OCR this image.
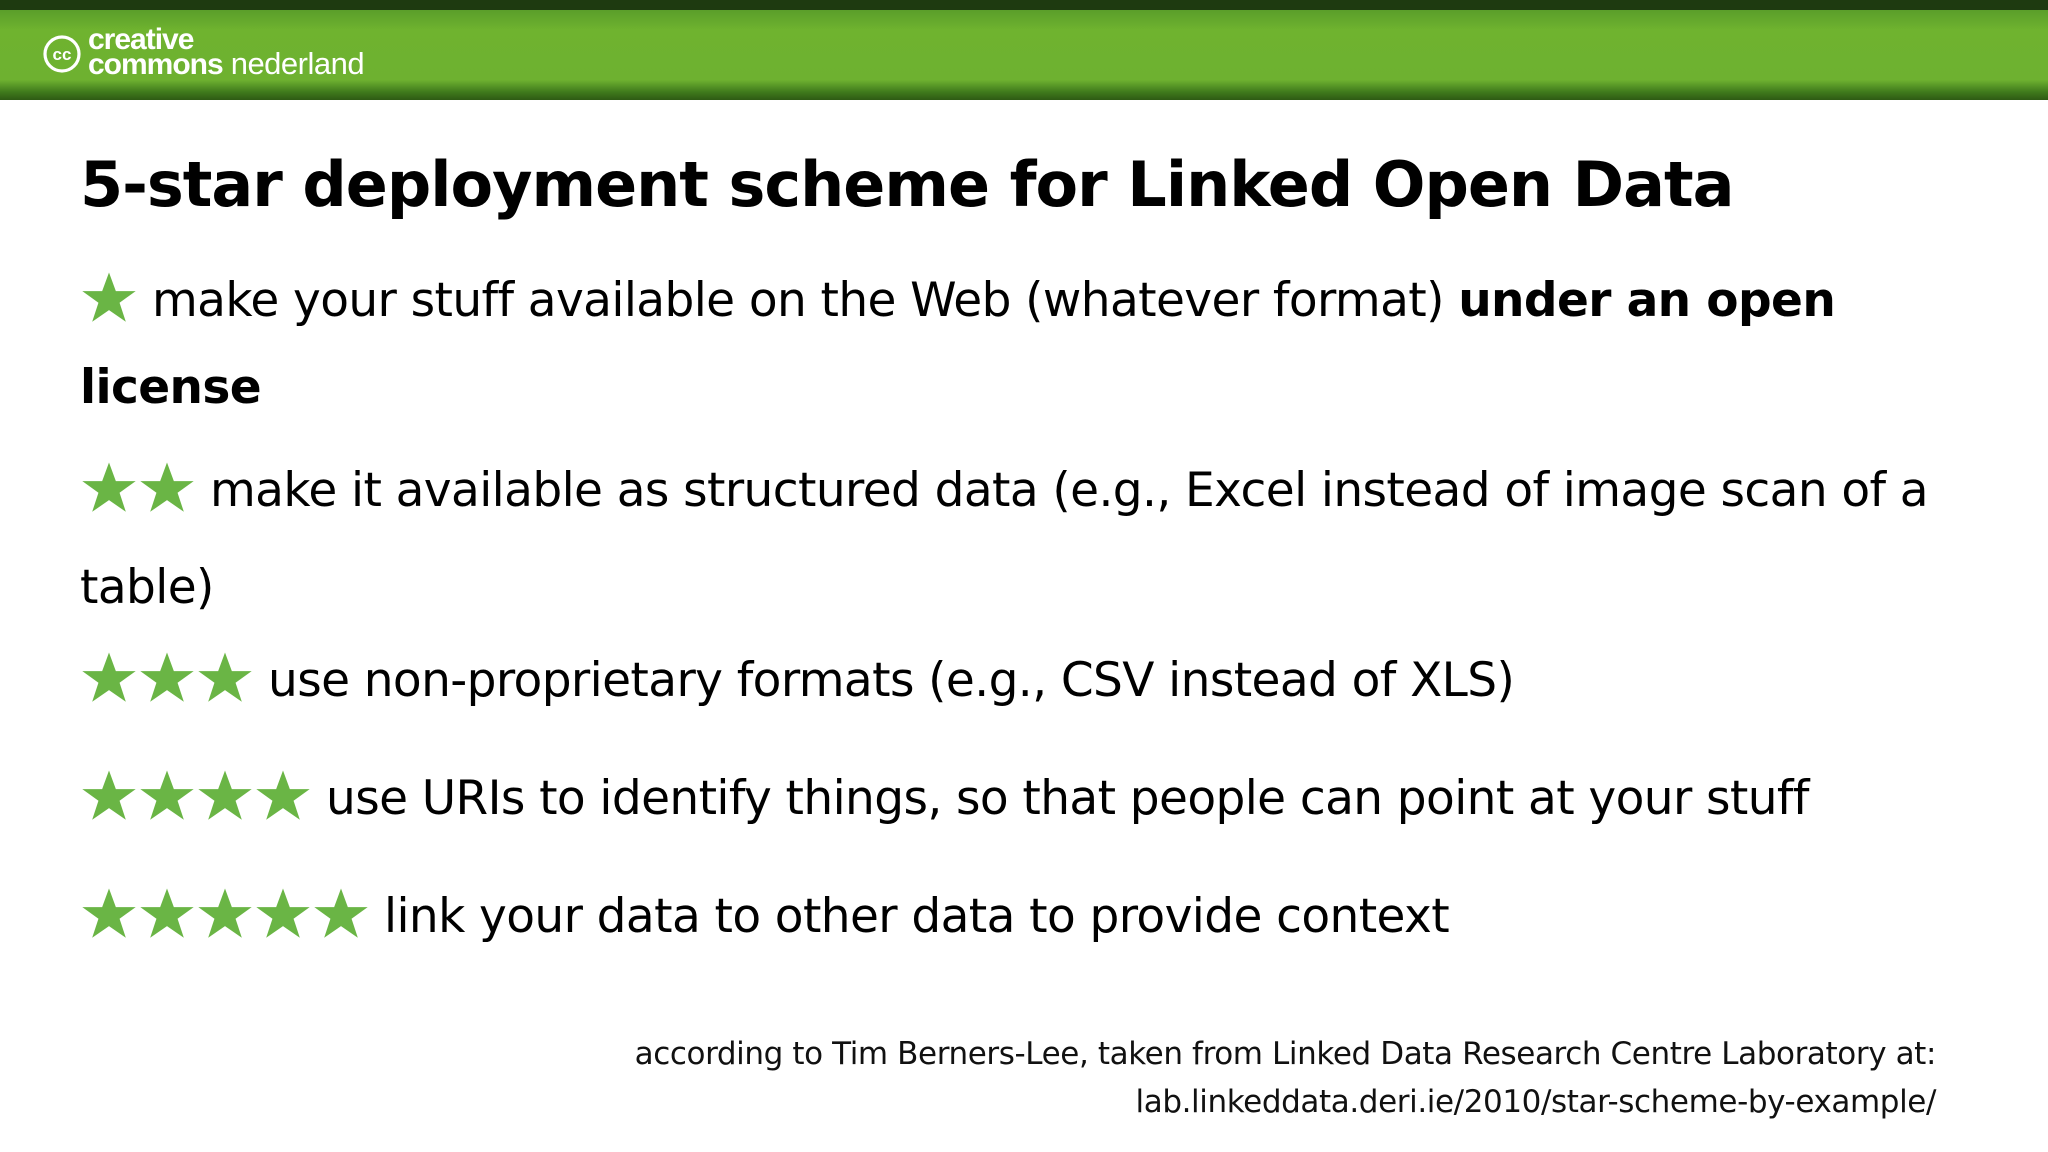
cc creative
commons nederland
5-star deployment scheme for Linked Open Data
make your stuff available on the Web (whatever format) under an open
license
make it available as structured data (e.g., Excel instead of image scan of a
table)
use non-proprietary formats (e.g., CSV instead of XLS)
use URIs to identify things, so that people can point at your stuff
link your data to other data to provide context
according to Tim Berners-Lee, taken from Linked Data Research Centre Laboratory at:
lab.linkeddata.deri.ie/2010/star-scheme-by-example/
